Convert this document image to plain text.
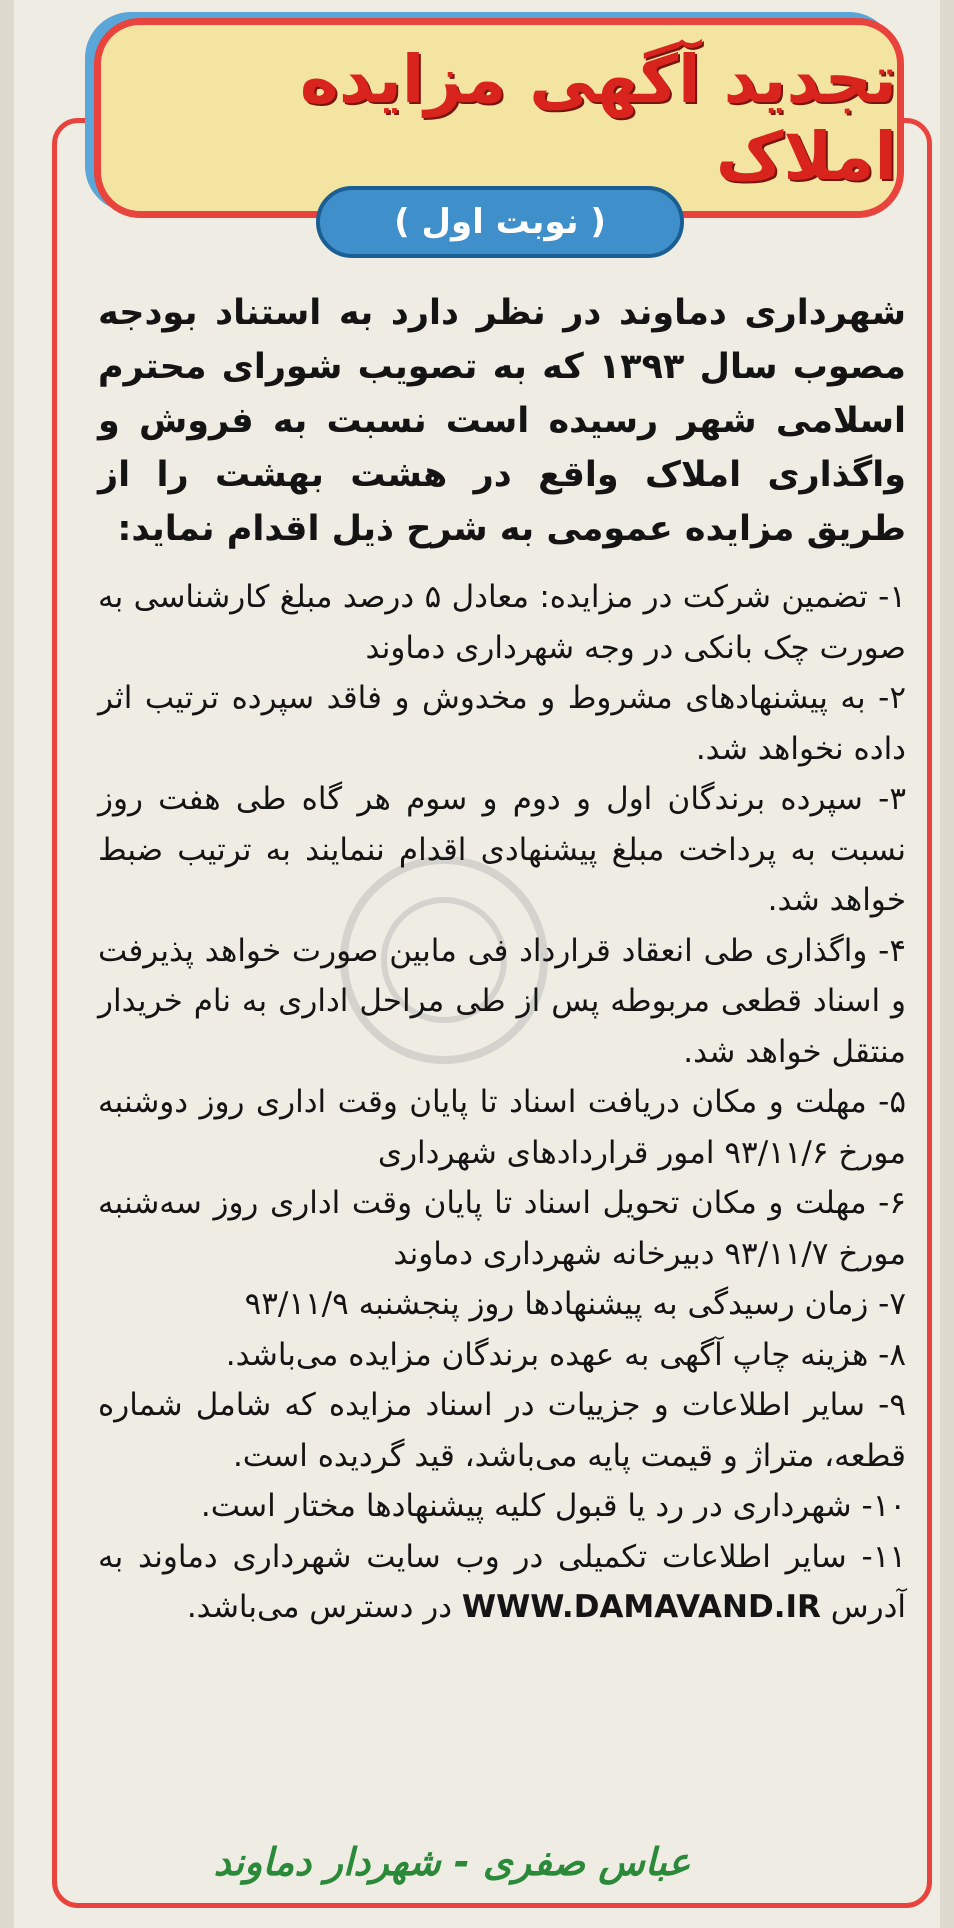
تجدید آگهی مزایده املاک
( نوبت اول )

شهرداری دماوند در نظر دارد به استناد بودجه مصوب سال ۱۳۹۳ که به تصویب شورای محترم اسلامی شهر رسیده است نسبت به فروش و واگذاری املاک واقع در هشت بهشت را از طریق مزایده عمومی به شرح ذیل اقدام نماید:

۱- تضمین شرکت در مزایده: معادل ۵ درصد مبلغ کارشناسی به صورت چک بانکی در وجه شهرداری دماوند
۲- به پیشنهادهای مشروط و مخدوش و فاقد سپرده ترتیب اثر داده نخواهد شد.
۳- سپرده برندگان اول و دوم و سوم هر گاه طی هفت روز نسبت به پرداخت مبلغ پیشنهادی اقدام ننمایند به ترتیب ضبط خواهد شد.
۴- واگذاری طی انعقاد قرارداد فی مابین صورت خواهد پذیرفت و اسناد قطعی مربوطه پس از طی مراحل اداری به نام خریدار منتقل خواهد شد.
۵- مهلت و مکان دریافت اسناد تا پایان وقت اداری روز دوشنبه مورخ ۹۳/۱۱/۶ امور قراردادهای شهرداری
۶- مهلت و مکان تحویل اسناد تا پایان وقت اداری روز سه‌شنبه مورخ ۹۳/۱۱/۷ دبیرخانه شهرداری دماوند
۷- زمان رسیدگی به پیشنهادها روز پنجشنبه ۹۳/۱۱/۹
۸- هزینه چاپ آگهی به عهده برندگان مزایده می‌باشد.
۹- سایر اطلاعات و جزییات در اسناد مزایده که شامل شماره قطعه، متراژ و قیمت پایه می‌باشد، قید گردیده است.
۱۰- شهرداری در رد یا قبول کلیه پیشنهادها مختار است.
۱۱- سایر اطلاعات تکمیلی در وب سایت شهرداری دماوند به آدرس WWW.DAMAVAND.IR در دسترس می‌باشد.
عباس صفری - شهردار دماوند
